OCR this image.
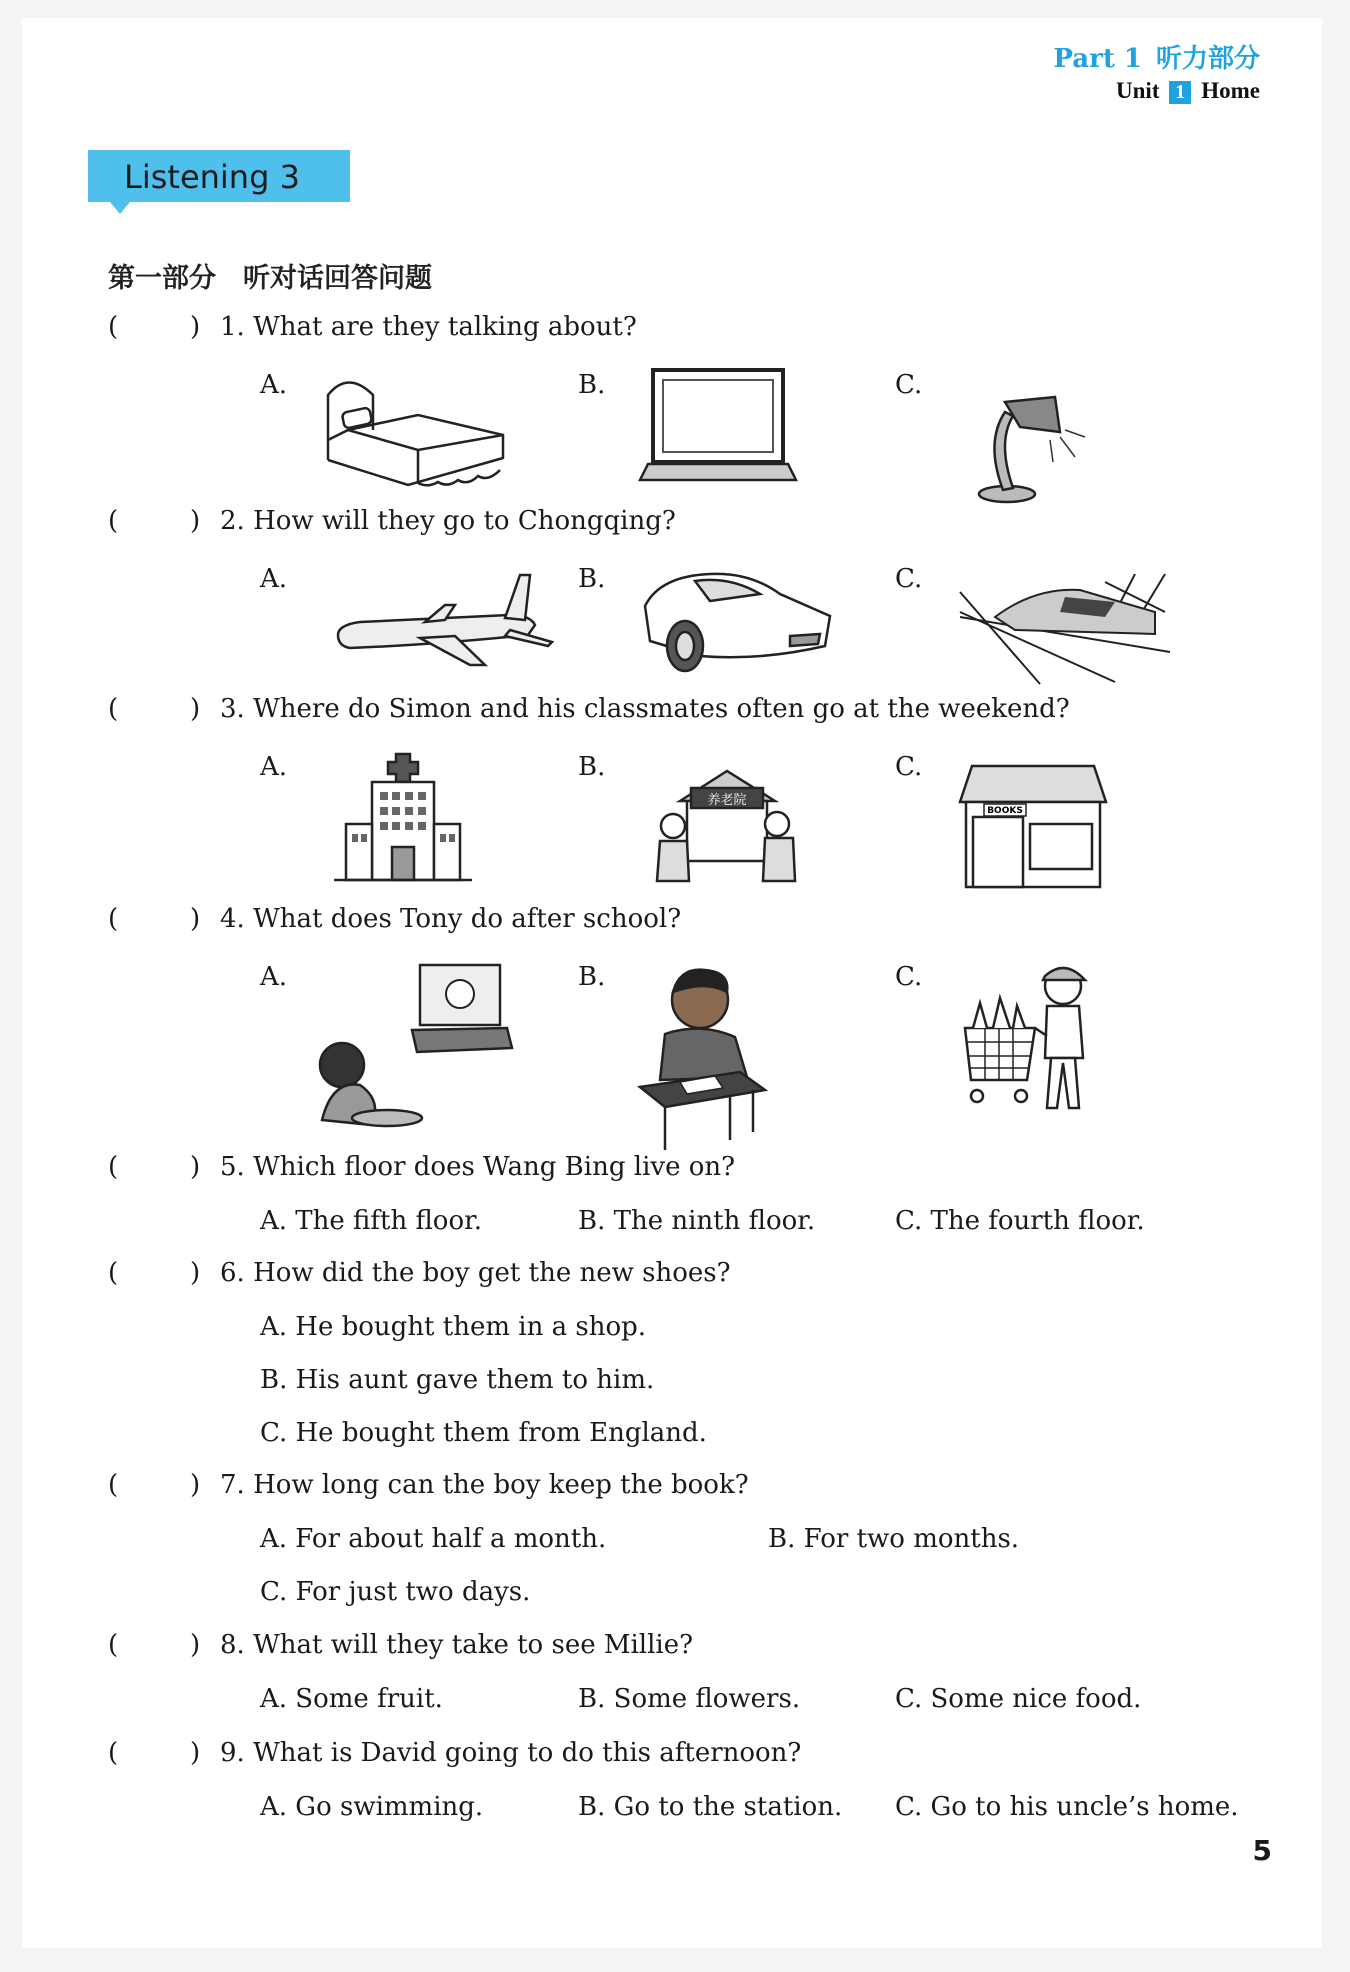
Part 1 听力部分
Unit 1 Home
Listening 3
第一部分　听对话回答问题
(	) 1. What are they talking about?
A.	B.	C.
(	) 2. How will they go to Chongqing?
A.	B.	C.
(	) 3. Where do Simon and his classmates often go at the weekend?
A.	B.	C.
养老院
BOOKS
(	) 4. What does Tony do after school?
A.	B.	C.
(	) 5. Which floor does Wang Bing live on?
A. The fifth floor.	B. The ninth floor.	C. The fourth floor.
(	) 6. How did the boy get the new shoes?
A. He bought them in a shop.
B. His aunt gave them to him.
C. He bought them from England.
(	) 7. How long can the boy keep the book?
A. For about half a month.	B. For two months.
C. For just two days.
(	) 8. What will they take to see Millie?
A. Some fruit.	B. Some flowers.	C. Some nice food.
(	) 9. What is David going to do this afternoon?
A. Go swimming.	B. Go to the station. C. Go to his uncle’s home.
5
